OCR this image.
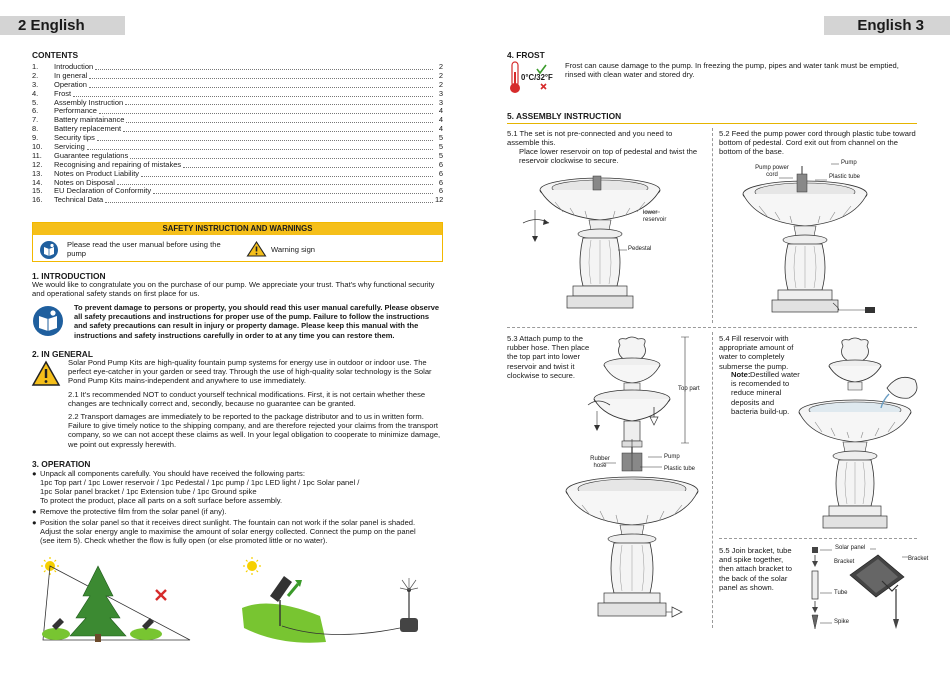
2 English	English 3
CONTENTS
1.	Introduction	2
2.	In general	2
3.	Operation	2
4.	Frost	3
5.	Assembly Instruction	3
6.	Performance	4
7.	Battery maintainance	4
8.	Battery replacement	4
9.	Security tips	5
10.	Servicing	5
11.	Guarantee regulations	5
12.	Recognising and repairing of mistakes	6
13.	Notes on Product Liability	6
14.	Notes on Disposal	6
15.	EU Declaration of Conformity	6
16.	Technical Data	12
SAFETY INSTRUCTION AND WARNINGS
Please read the user manual before using the pump	Warning sign
1. INTRODUCTION
We would like to congratulate you on the purchase of our pump. We appreciate your trust. That's why functional security and operational safety stands on first place for us.
To prevent damage to persons or property, you should read this user manual carefully. Please observe all safety precautions and instructions for proper use of the pump. Failure to follow the instructions and safety precautions can result in injury or property damage. Please keep this manual with the instructions and safety instructions carefully in order to at any time you can restore them.
2. IN GENERAL
Solar Pond Pump Kits are high-quality fountain pump systems for energy use in outdoor or indoor use. The perfect eye-catcher in your garden or seed tray. Through the use of high-quality solar technology is the Solar Pond Pump Kits mains-independent and anywhere to use immediately.
2.1 It's recommended NOT to conduct yourself technical modifications. First, it is not certain whether these changes are technically correct and, secondly, because no guarantee can be granted.
2.2 Transport damages are immediately to be reported to the package distributor and to us in written form. Failure to give timely notice to the shipping company, and are therefore rejected your claims from the transport company, so we can not accept these claims as well. In your legal obligation to cooperate to minimize damage, we point out expressly herewith.
3. OPERATION
● Unpack all components carefully. You should have received the following parts:
1pc Top part / 1pc Lower reservoir / 1pc Pedestal / 1pc pump / 1pc LED light / 1pc Solar panel /
1pc Solar panel bracket / 1pc Extension tube / 1pc Ground spike
To protect the product, place all parts on a soft surface before assembly.
● Remove the protective film from the solar panel (if any).
● Position the solar panel so that it receives direct sunlight. The fountain can not work if the solar panel is shaded.
Adjust the solar energy angle to maximise the amount of solar energy collected. Connect the pump on the panel
(see item 5). Check whether the flow is fully open (or else promoted little or no water).
4. FROST
0°C/32°F
Frost can cause damage to the pump. In freezing the pump, pipes and water tank must be emptied, rinsed with clean water and stored dry.
5. ASSEMBLY INSTRUCTION
5.1 The set is not pre-connected and you need to assemble this.
Place lower reservoir on top of pedestal and twist the reservoir clockwise to secure.
5.2 Feed the pump power cord through plastic tube toward bottom of pedestal. Cord exit out from channel on the bottom of the base.
lower reservoir
Pedestal
Pump
Pump power cord	Plastic tube
5.3 Attach pump to the rubber hose. Then place the top part into lower reservoir and twist it clockwise to secure.
Top part
Rubber hose
Pump
Plastic tube
5.4 Fill reservoir with appropriate amount of water to completely submerse the pump.
Note: Destilled water is recomended to reduce mineral deposits and bacteria build-up.
5.5 Join bracket, tube and spike together, then attach bracket to the back of the solar panel as shown.
Solar panel
Bracket	Bracket
Tube
Spike
